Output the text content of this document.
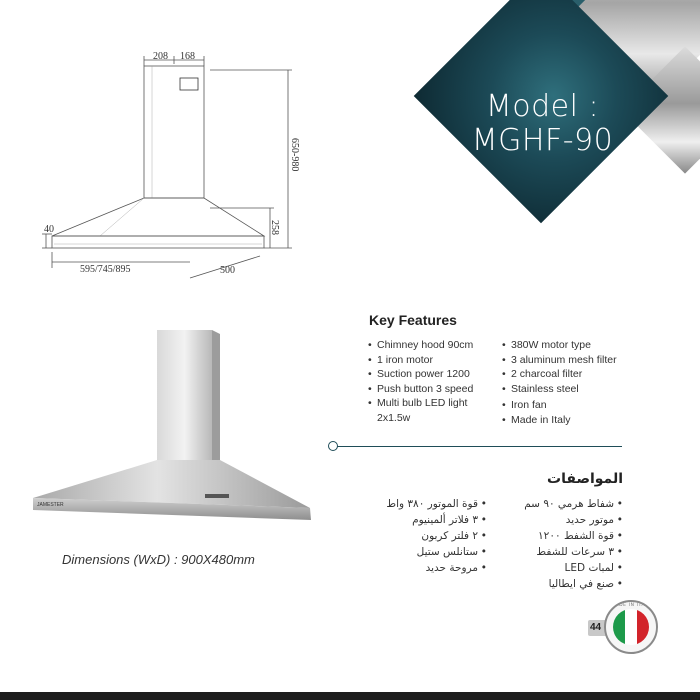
Model :
MGHF-90
208 168
650-980
258
40
595/745/895	500
JAMESTER
Dimensions (WxD) : 900X480mm
Key Features
• Chimney hood 90cm
• 1 iron motor
• Suction power 1200
• Push button 3 speed
• Multi bulb LED light 2x1.5w
• 380W motor type
• 3 aluminum mesh filter
• 2 charcoal filter
• Stainless steel
• Iron fan
• Made in Italy
المواصفات
• شفاط هرمي ٩٠ سم
• موتور حديد
• قوة الشفط ١٢٠٠
• ٣ سرعات للشفط
• لمبات LED
• صنع في ايطاليا
• قوة الموتور ٣٨٠ واط
• ٣ فلاتر ألمينيوم
• ٢ فلتر كربون
• ستانلس ستيل
• مروحة حديد
44
MADE IN ITALY
